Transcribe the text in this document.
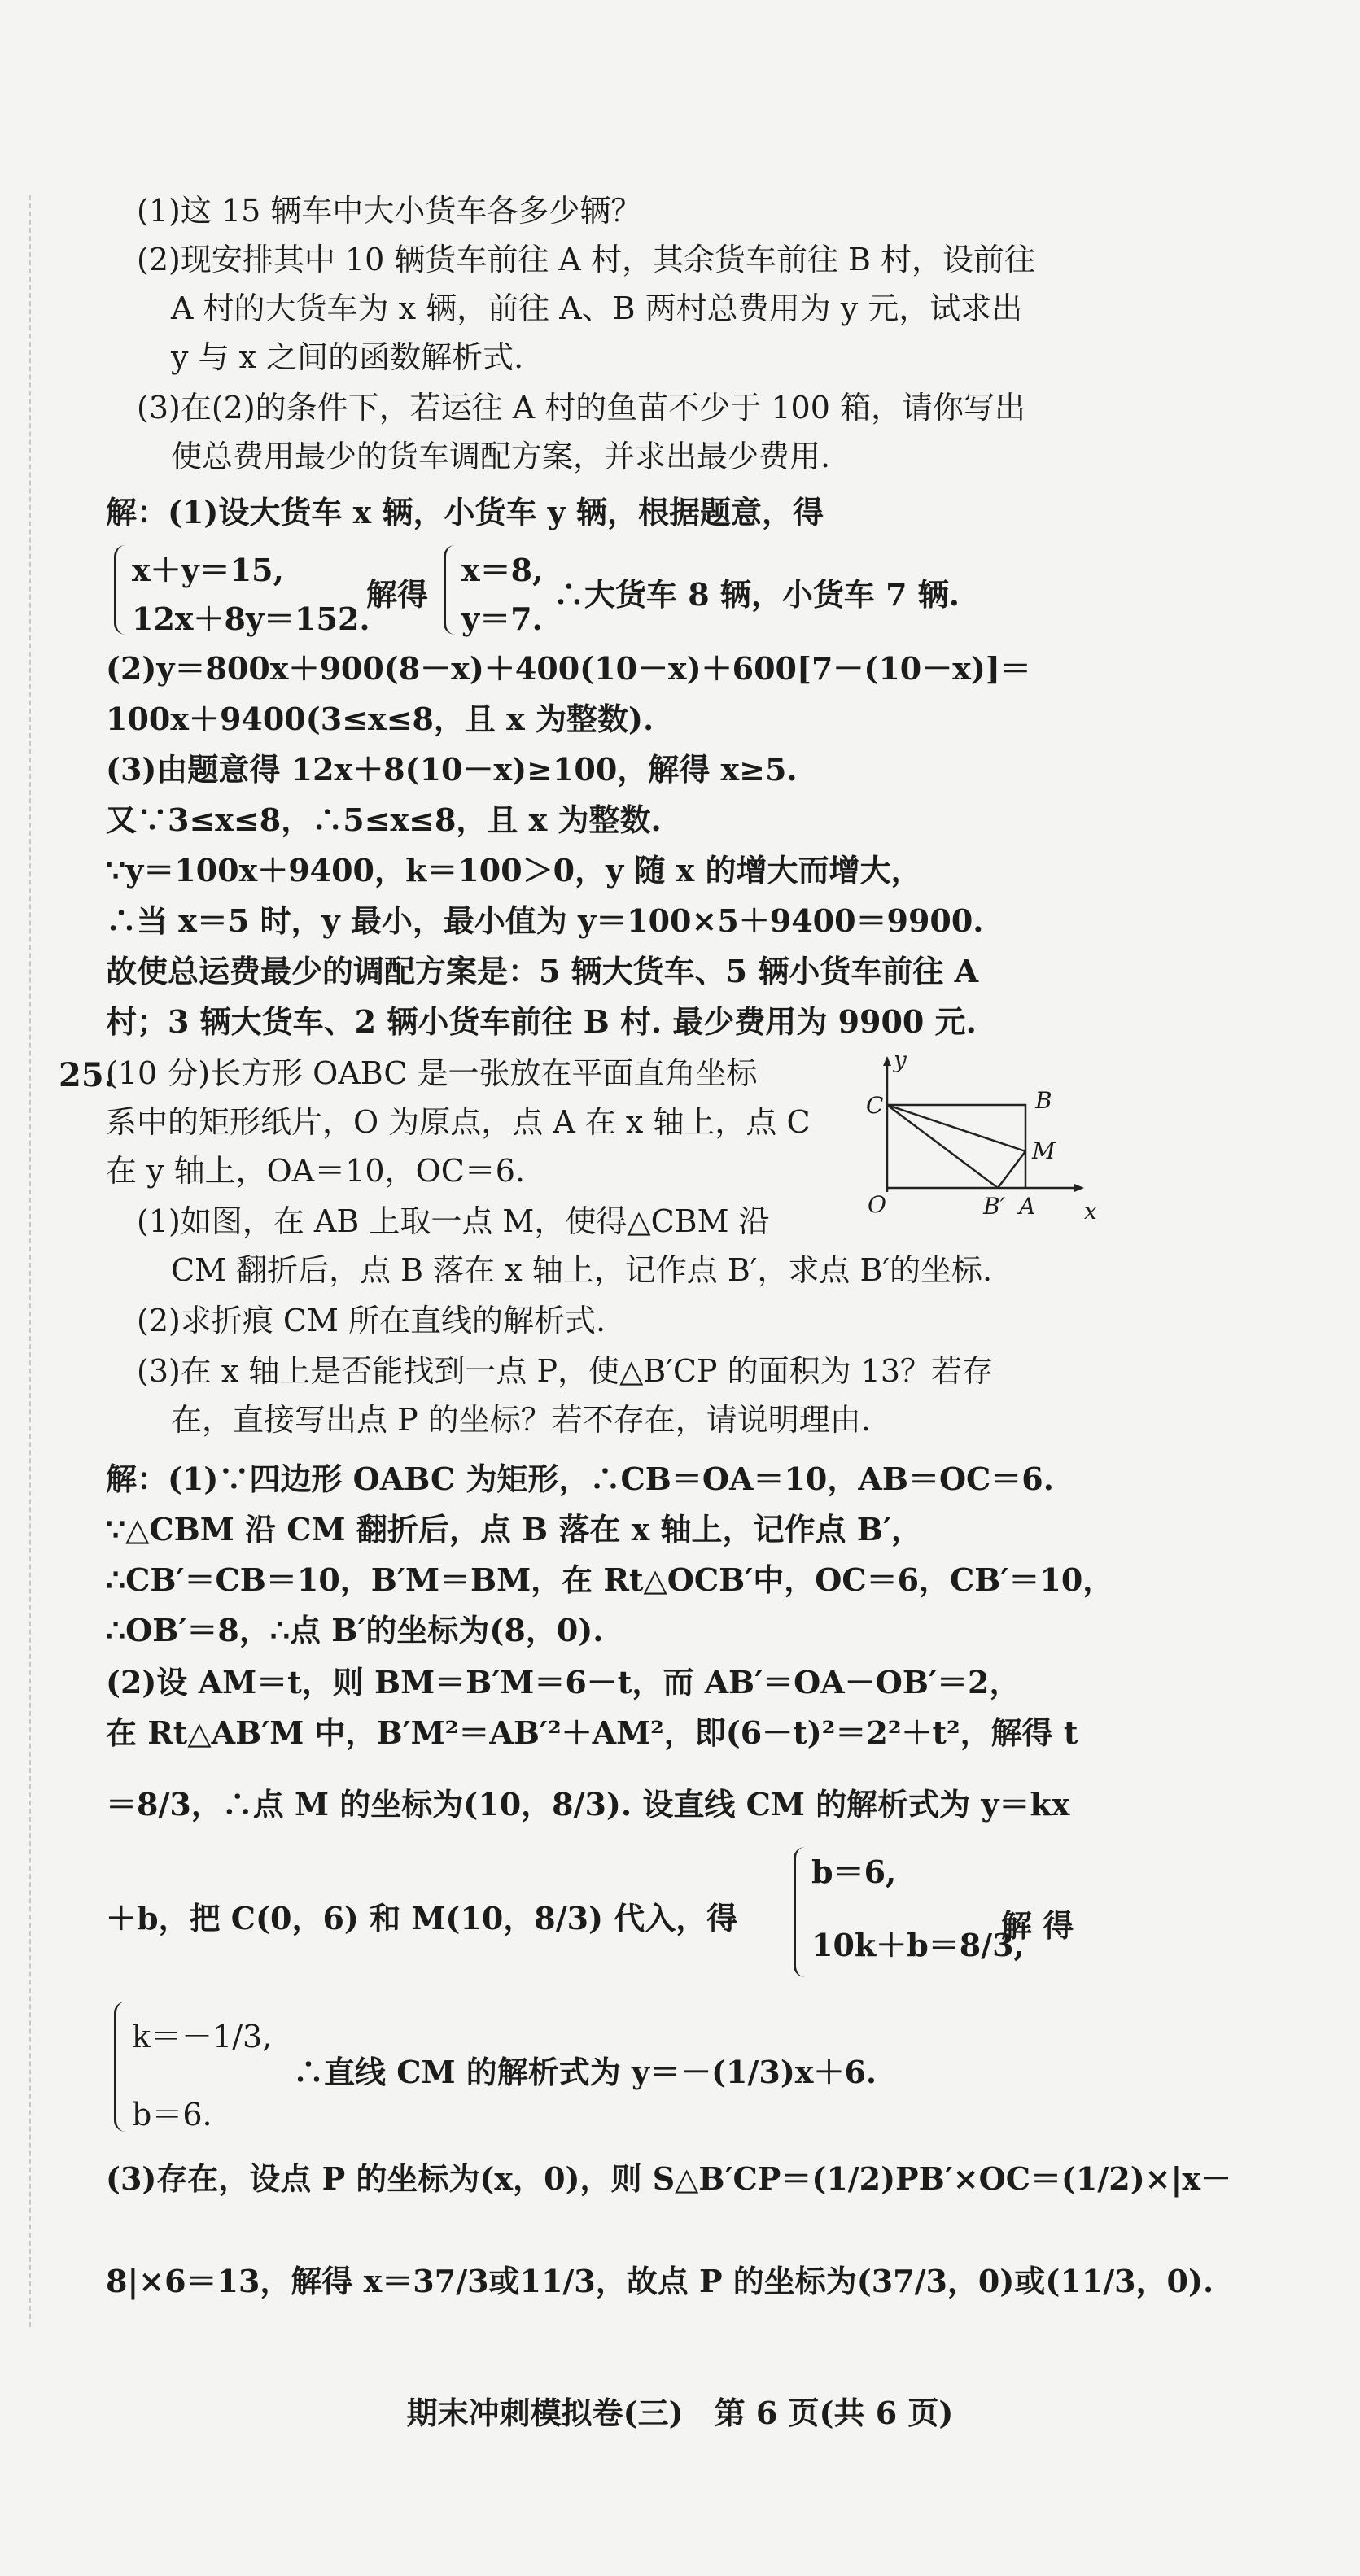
(1)这 15 辆车中大小货车各多少辆？
(2)现安排其中 10 辆货车前往 A 村，其余货车前往 B 村，设前往
A 村的大货车为 x 辆，前往 A、B 两村总费用为 y 元，试求出
y 与 x 之间的函数解析式.
(3)在(2)的条件下，若运往 A 村的鱼苗不少于 100 箱，请你写出
使总费用最少的货车调配方案，并求出最少费用.
解：(1)设大货车 x 辆，小货车 y 辆，根据题意，得
x＋y＝15,
12x＋8y＝152.
解得
x＝8,
y＝7.
∴大货车 8 辆，小货车 7 辆.
(2)y＝800x＋900(8－x)＋400(10－x)＋600[7－(10－x)]＝
100x＋9400(3≤x≤8，且 x 为整数).
(3)由题意得 12x＋8(10－x)≥100，解得 x≥5.
又∵3≤x≤8，∴5≤x≤8，且 x 为整数.
∵y＝100x＋9400，k＝100＞0，y 随 x 的增大而增大，
∴当 x＝5 时，y 最小，最小值为 y＝100×5＋9400＝9900.
故使总运费最少的调配方案是：5 辆大货车、5 辆小货车前往 A
村；3 辆大货车、2 辆小货车前往 B 村. 最少费用为 9900 元.
25.
(10 分)长方形 OABC 是一张放在平面直角坐标
系中的矩形纸片，O 为原点，点 A 在 x 轴上，点 C
在 y 轴上，OA＝10，OC＝6.
y
x
O	A
B
C
M
B′
(1)如图，在 AB 上取一点 M，使得△CBM 沿
CM 翻折后，点 B 落在 x 轴上，记作点 B′，求点 B′的坐标.
(2)求折痕 CM 所在直线的解析式.
(3)在 x 轴上是否能找到一点 P，使△B′CP 的面积为 13？若存
在，直接写出点 P 的坐标？若不存在，请说明理由.
解：(1)∵四边形 OABC 为矩形，∴CB＝OA＝10，AB＝OC＝6.
∵△CBM 沿 CM 翻折后，点 B 落在 x 轴上，记作点 B′，
∴CB′＝CB＝10，B′M＝BM，在 Rt△OCB′中，OC＝6，CB′＝10，
∴OB′＝8，∴点 B′的坐标为(8，0).
(2)设 AM＝t，则 BM＝B′M＝6－t，而 AB′＝OA－OB′＝2，
在 Rt△AB′M 中，B′M²＝AB′²＋AM²，即(6－t)²＝2²＋t²，解得 t
＝8/3，∴点 M 的坐标为(10，8/3). 设直线 CM 的解析式为 y＝kx
＋b，把 C(0，6) 和 M(10，8/3) 代入，得
b＝6,
10k＋b＝8/3,
解 得
k＝－1/3,
b＝6.
∴直线 CM 的解析式为 y＝－(1/3)x＋6.
(3)存在，设点 P 的坐标为(x，0)，则 S△B′CP＝(1/2)PB′×OC＝(1/2)×|x－
8|×6＝13，解得 x＝37/3或11/3，故点 P 的坐标为(37/3，0)或(11/3，0).
期末冲刺模拟卷(三)　第 6 页(共 6 页)
